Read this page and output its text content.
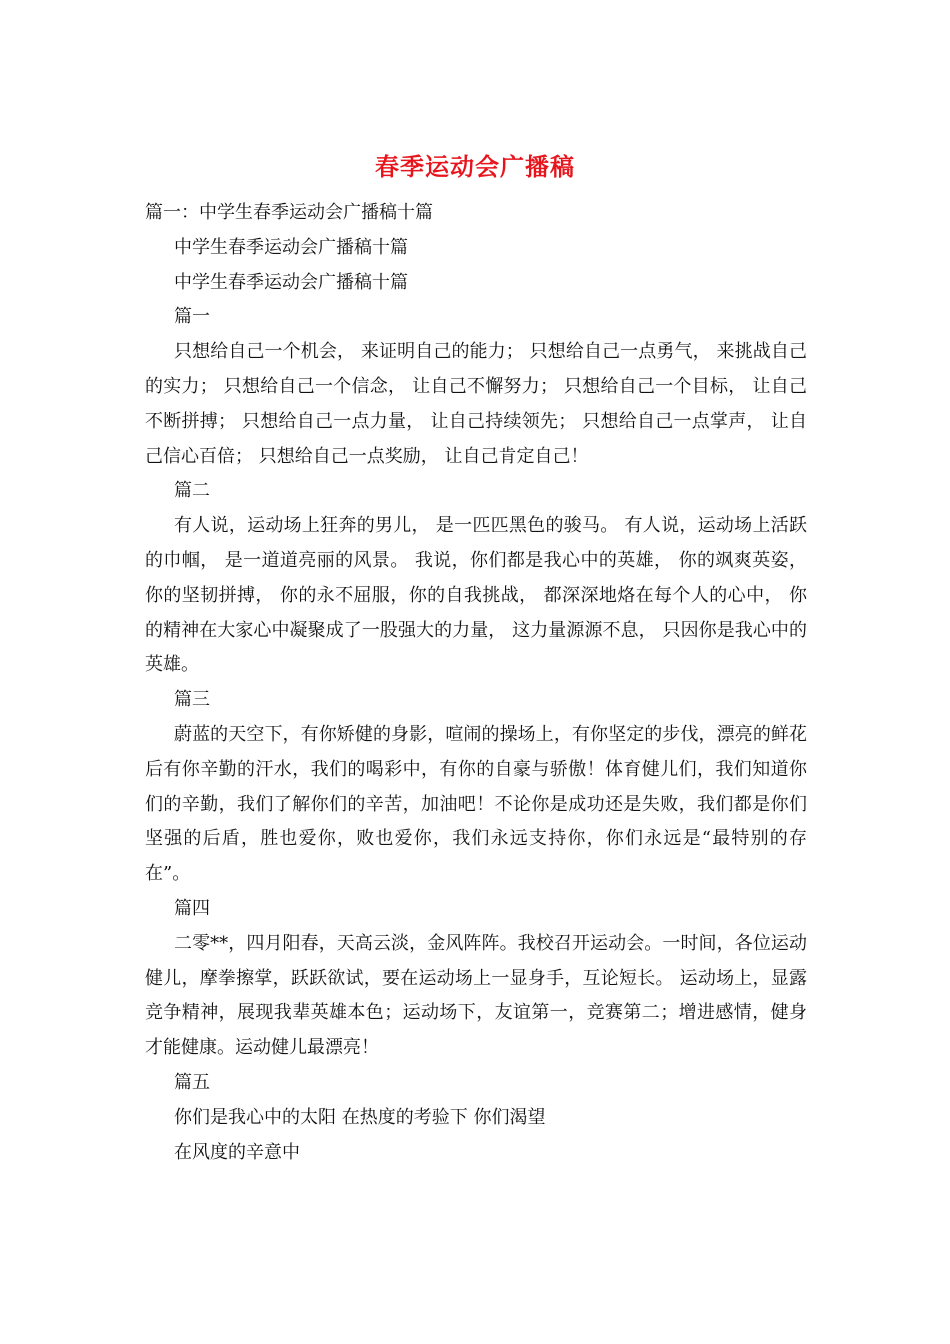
春季运动会广播稿

篇一：中学生春季运动会广播稿十篇

中学生春季运动会广播稿十篇

中学生春季运动会广播稿十篇

篇一

只想给自己一个机会， 来证明自己的能力； 只想给自己一点勇气， 来挑战自己的实力； 只想给自己一个信念， 让自己不懈努力； 只想给自己一个目标， 让自己不断拼搏； 只想给自己一点力量， 让自己持续领先； 只想给自己一点掌声， 让自己信心百倍； 只想给自己一点奖励， 让自己肯定自己！

篇二

有人说，运动场上狂奔的男儿， 是一匹匹黑色的骏马。 有人说，运动场上活跃的巾帼， 是一道道亮丽的风景。 我说，你们都是我心中的英雄， 你的飒爽英姿，你的坚韧拼搏， 你的永不屈服，你的自我挑战， 都深深地烙在每个人的心中， 你的精神在大家心中凝聚成了一股强大的力量， 这力量源源不息， 只因你是我心中的英雄。

篇三

蔚蓝的天空下，有你矫健的身影，喧闹的操场上，有你坚定的步伐，漂亮的鲜花后有你辛勤的汗水，我们的喝彩中，有你的自豪与骄傲！体育健儿们，我们知道你们的辛勤，我们了解你们的辛苦，加油吧！不论你是成功还是失败，我们都是你们坚强的后盾，胜也爱你，败也爱你，我们永远支持你，你们永远是“最特别的存在”。

篇四

二零**，四月阳春，天高云淡，金风阵阵。我校召开运动会。一时间，各位运动健儿，摩拳擦掌，跃跃欲试，要在运动场上一显身手，互论短长。 运动场上，显露竞争精神，展现我辈英雄本色；运动场下，友谊第一，竞赛第二；增进感情，健身才能健康。运动健儿最漂亮！

篇五

你们是我心中的太阳 在热度的考验下 你们渴望

在风度的辛意中
